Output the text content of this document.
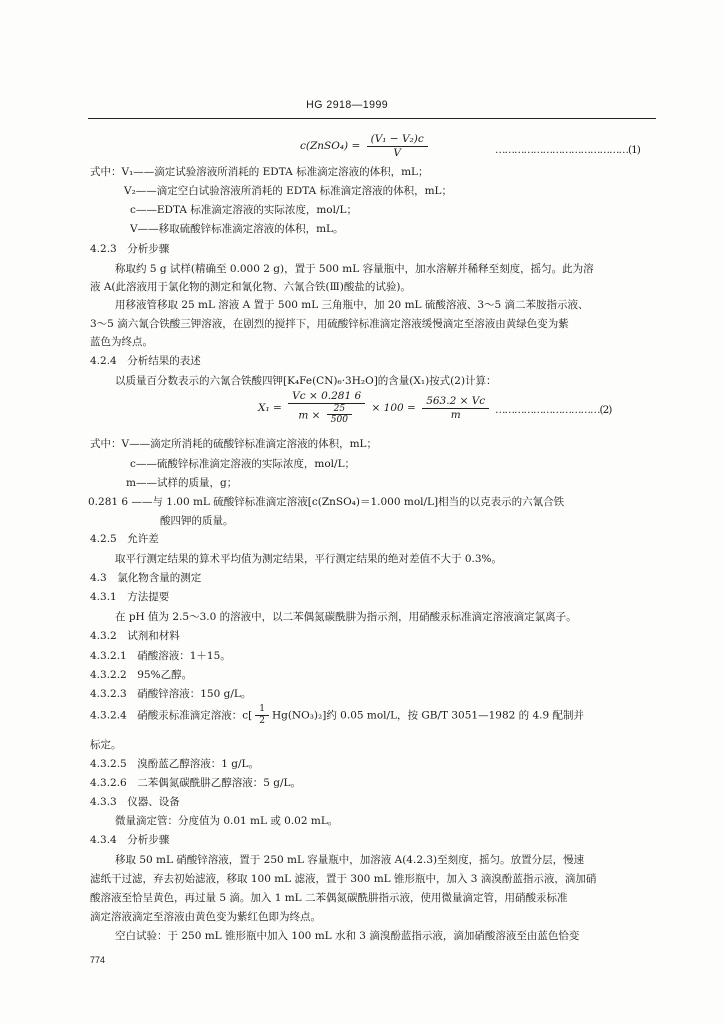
HG 2918—1999
c(ZnSO₄) = $\frac{\text{(V₁ − V₂)c}}{V}$	……………………………………(1)
式中：V₁——滴定试验溶液所消耗的 EDTA 标准滴定溶液的体积，mL；
V₂——滴定空白试验溶液所消耗的 EDTA 标准滴定溶液的体积，mL；
c——EDTA 标准滴定溶液的实际浓度，mol/L；
V——移取硫酸锌标准滴定溶液的体积，mL。
4.2.3　分析步骤
称取约 5 g 试样(精确至 0.000 2 g)，置于 500 mL 容量瓶中，加水溶解并稀释至刻度，摇匀。此为溶
液 A(此溶液用于氯化物的测定和氰化物、六氰合铁(Ⅲ)酸盐的试验)。
用移液管移取 25 mL 溶液 A 置于 500 mL 三角瓶中，加 20 mL 硫酸溶液、3～5 滴二苯胺指示液、
3～5 滴六氰合铁酸三钾溶液，在剧烈的搅拌下，用硫酸锌标准滴定溶液缓慢滴定至溶液由黄绿色变为紫
蓝色为终点。
4.2.4　分析结果的表述
以质量百分数表示的六氰合铁酸四钾[K₄Fe(CN)₆·3H₂O]的含量(X₁)按式(2)计算：
$X_1 = \frac{Vc \times 0.281 6}{m \times \frac{25}{500}} \times 100 = \frac{563.2 \times Vc}{m}$ ……………………………(2)
式中：V——滴定所消耗的硫酸锌标准滴定溶液的体积，mL；
c——硫酸锌标准滴定溶液的实际浓度，mol/L；
m——试样的质量，g；
0.281 6 ——与 1.00 mL 硫酸锌标准滴定溶液[c(ZnSO₄)＝1.000 mol/L]相当的以克表示的六氰合铁
酸四钾的质量。
4.2.5　允许差
取平行测定结果的算术平均值为测定结果，平行测定结果的绝对差值不大于 0.3%。
4.3　氯化物含量的测定
4.3.1　方法提要
在 pH 值为 2.5～3.0 的溶液中，以二苯偶氮碳酰肼为指示剂，用硝酸汞标准滴定溶液滴定氯离子。
4.3.2　试剂和材料
4.3.2.1　硝酸溶液：1＋15。
4.3.2.2　95%乙醇。
4.3.2.3　硝酸锌溶液：150 g/L。
4.3.2.4　硝酸汞标准滴定溶液：$c[ \frac{1}{2} Hg(NO_3)_2]$约 0.05 mol/L，按 GB/T 3051—1982 的 4.9 配制并
标定。
4.3.2.5　溴酚蓝乙醇溶液：1 g/L。
4.3.2.6　二苯偶氮碳酰肼乙醇溶液：5 g/L。
4.3.3　仪器、设备
微量滴定管：分度值为 0.01 mL 或 0.02 mL。
4.3.4　分析步骤
移取 50 mL 硝酸锌溶液，置于 250 mL 容量瓶中，加溶液 A(4.2.3)至刻度，摇匀。放置分层，慢速
滤纸干过滤，弃去初始滤液，移取 100 mL 滤液，置于 300 mL 锥形瓶中，加入 3 滴溴酚蓝指示液，滴加硝
酸溶液至恰呈黄色，再过量 5 滴。加入 1 mL 二苯偶氮碳酰肼指示液，使用微量滴定管，用硝酸汞标准
滴定溶液滴定至溶液由黄色变为紫红色即为终点。
空白试验：于 250 mL 锥形瓶中加入 100 mL 水和 3 滴溴酚蓝指示液，滴加硝酸溶液至由蓝色恰变
774
